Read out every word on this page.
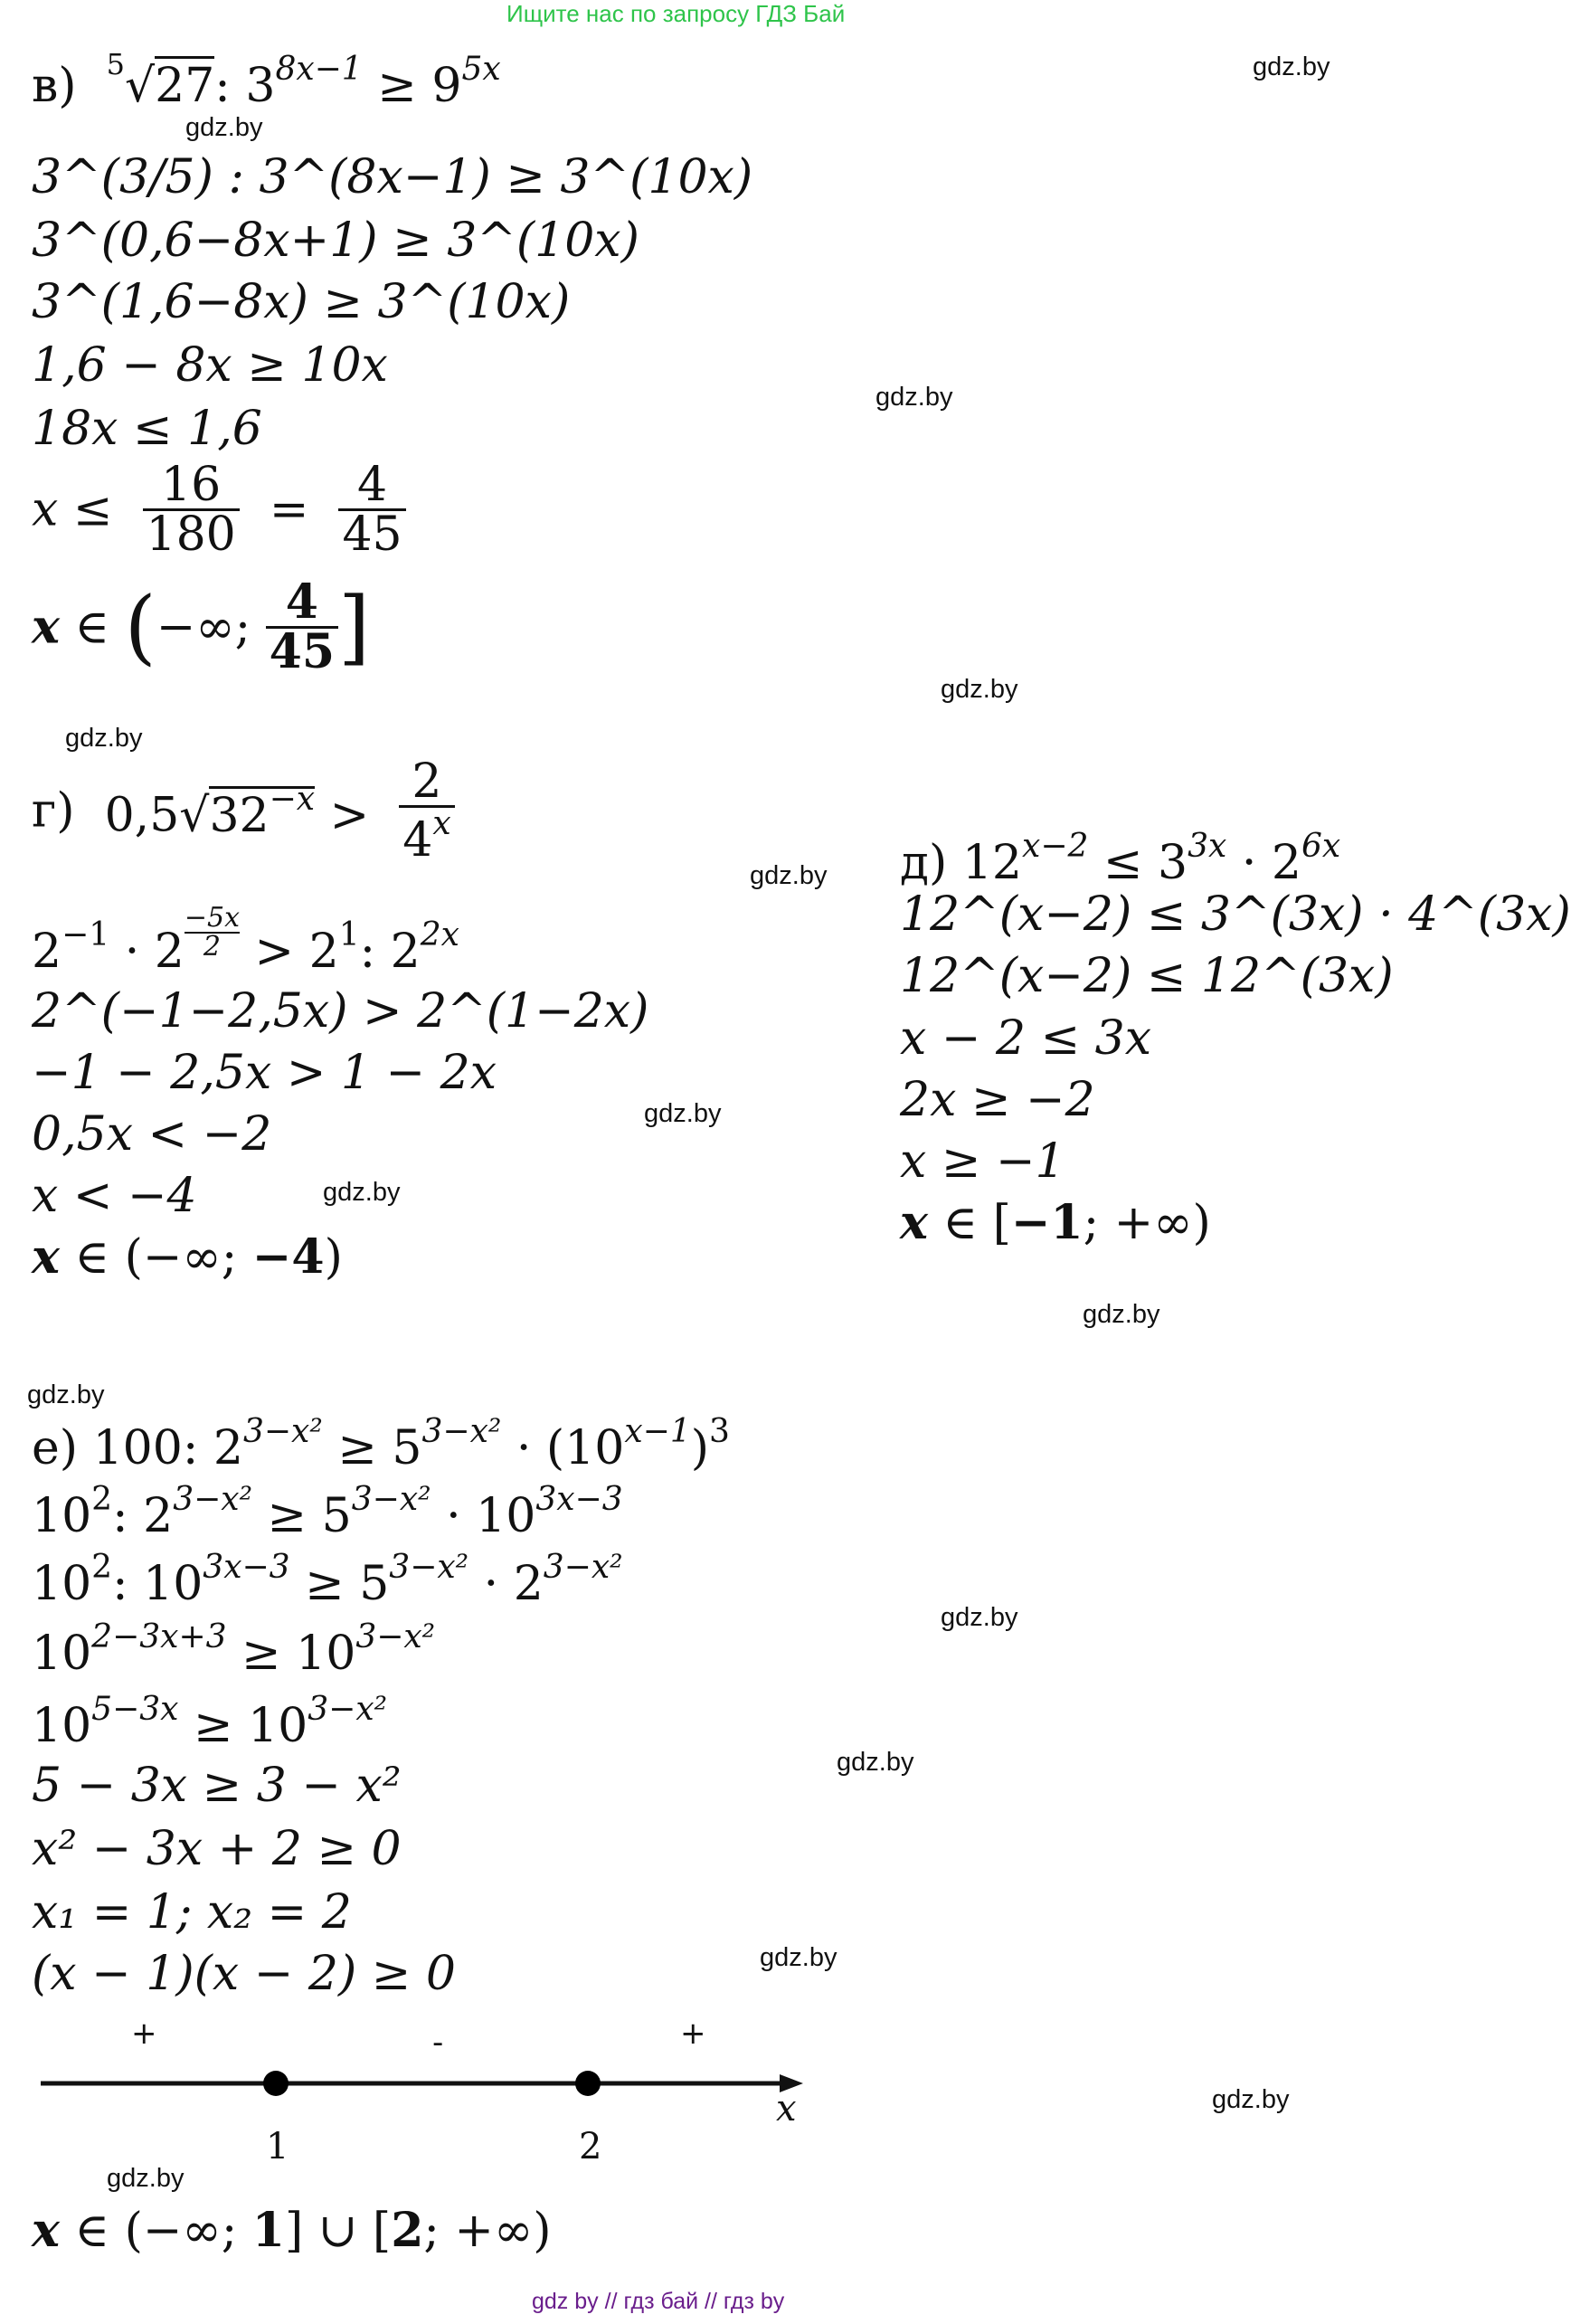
Ищите нас по запросу ГДЗ Бай
gdz.by
gdz.by
gdz.by
gdz.by
gdz.by
gdz.by
gdz.by
gdz.by
gdz.by
gdz.by
gdz.by
gdz.by
gdz.by
gdz.by
gdz.by
в) $^5$√27: $3^{8x-1} \ge 9^{5x}$
3^(3/5) : 3^(8x−1) ≥ 3^(10x)
3^(0,6−8x+1) ≥ 3^(10x)
3^(1,6−8x) ≥ 3^(10x)
1,6 − 8x ≥ 10x
18x ≤ 1,6
$x \le \frac{16}{180} = \frac{4}{45}$
x ∈ (−∞; $\frac{4}{45}$ ]
г)  $0,5√32^{-x} > \frac{2}{4^x}$
$2^{-1} \cdot 2$ $^{\frac{-5x}{2}} > 2^1$: $2^{2x}$
2^(−1−2,5x) > 2^(1−2x)
−1 − 2,5x > 1 − 2x
0,5x < −2
x < −4
x ∈ (−∞; −4)
д) $12^{x-2} \le 3^{3x} \cdot 2^{6x}$
12^(x−2) ≤ 3^(3x) · 4^(3x)
12^(x−2) ≤ 12^(3x)
x − 2 ≤ 3x
2x ≥ −2
x ≥ −1
x ∈ [−1; +∞)
е) 100: $2^{3-x^2} \ge 5^{3-x^2} \cdot (10^{x-1})^3$
$10^2$: $2^{3-x^2} \ge 5^{3-x^2} \cdot 10^{3x-3}$
$10^2$: $10^{3x-3} \ge 5^{3-x^2} \cdot 2^{3-x^2}$
$10^{2-3x+3} \ge 10^{3-x^2}$
$10^{5-3x} \ge 10^{3-x^2}$
5 − 3x ≥ 3 − x²
x² − 3x + 2 ≥ 0
x₁ = 1; x₂ = 2
(x − 1)(x − 2) ≥ 0
+	-	+
x
1	2
x ∈ (−∞; 1] ∪ [2; +∞)
gdz by // гдз бай // гдз by
